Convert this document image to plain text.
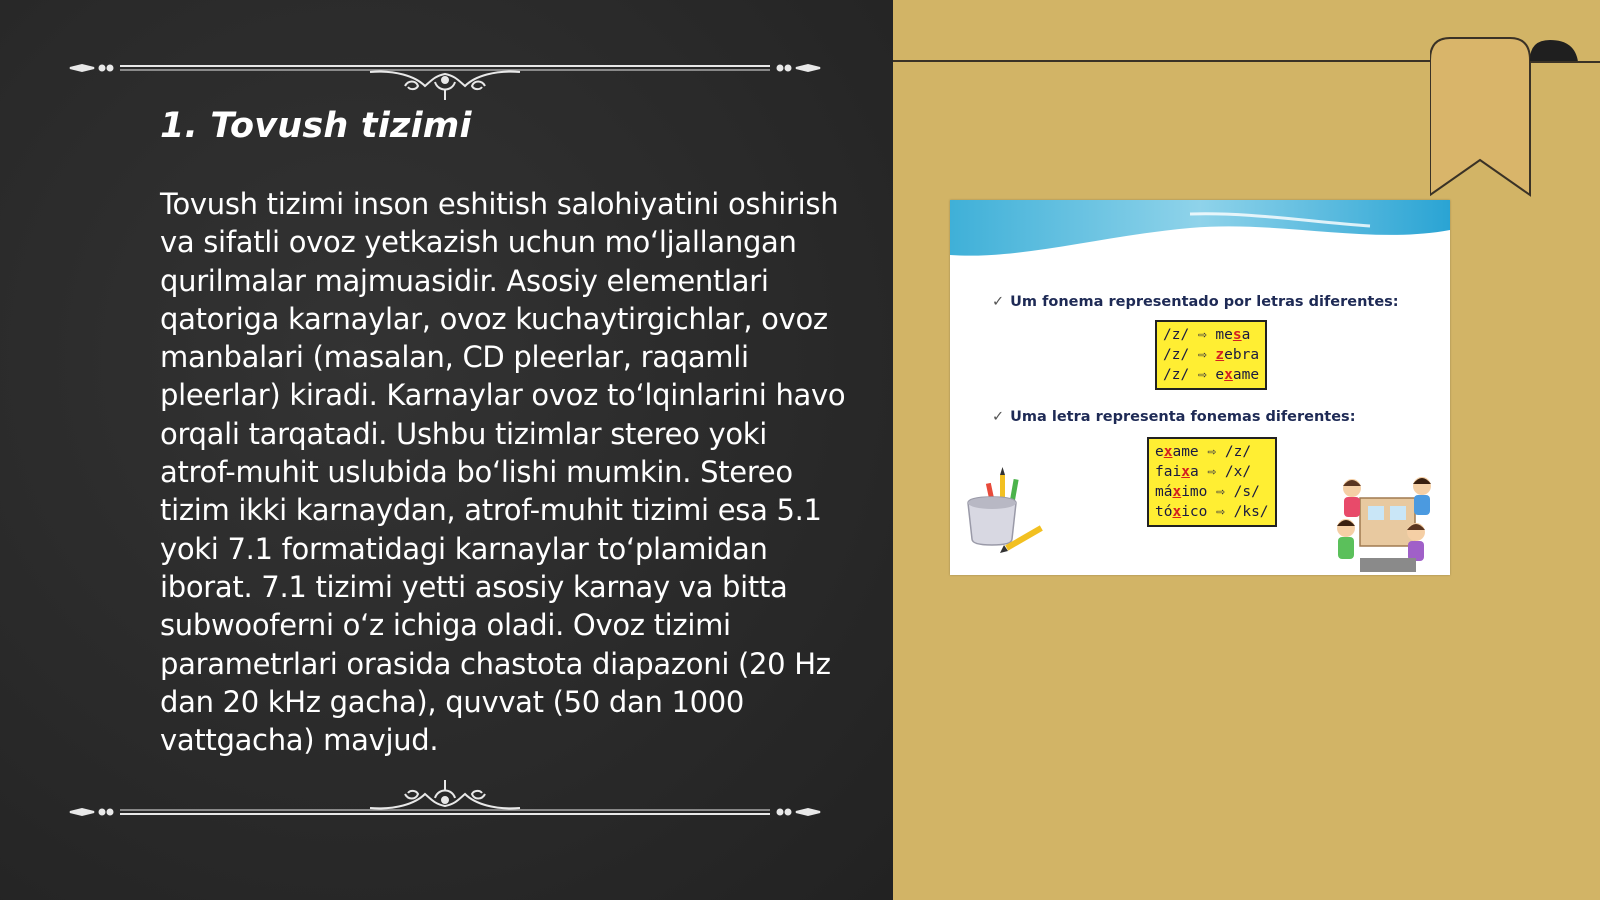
1. Tovush tizimi

Tovush tizimi inson eshitish salohiyatini oshirish va sifatli ovoz yetkazish uchun mo‘ljallangan qurilmalar majmuasidir. Asosiy elementlari qatoriga karnaylar, ovoz kuchaytirgichlar, ovoz manbalari (masalan, CD pleerlar, raqamli pleerlar) kiradi. Karnaylar ovoz to‘lqinlarini havo orqali tarqatadi. Ushbu tizimlar stereo yoki atrof-muhit uslubida bo‘lishi mumkin. Stereo tizim ikki karnaydan, atrof-muhit tizimi esa 5.1 yoki 7.1 formatidagi karnaylar to‘plamidan iborat. 7.1 tizimi yetti asosiy karnay va bitta subwooferni o‘z ichiga oladi. Ovoz tizimi parametrlari orasida chastota diapazoni (20 Hz dan 20 kHz gacha), quvvat (50 dan 1000 vattgacha) mavjud.

✓ Um fonema representado por letras diferentes:
/z/ ⇨ mesa
/z/ ⇨ zebra
/z/ ⇨ exame
✓ Uma letra representa fonemas diferentes:
exame ⇨ /z/
faixa ⇨ /x/
máximo ⇨ /s/
tóxico ⇨ /ks/
